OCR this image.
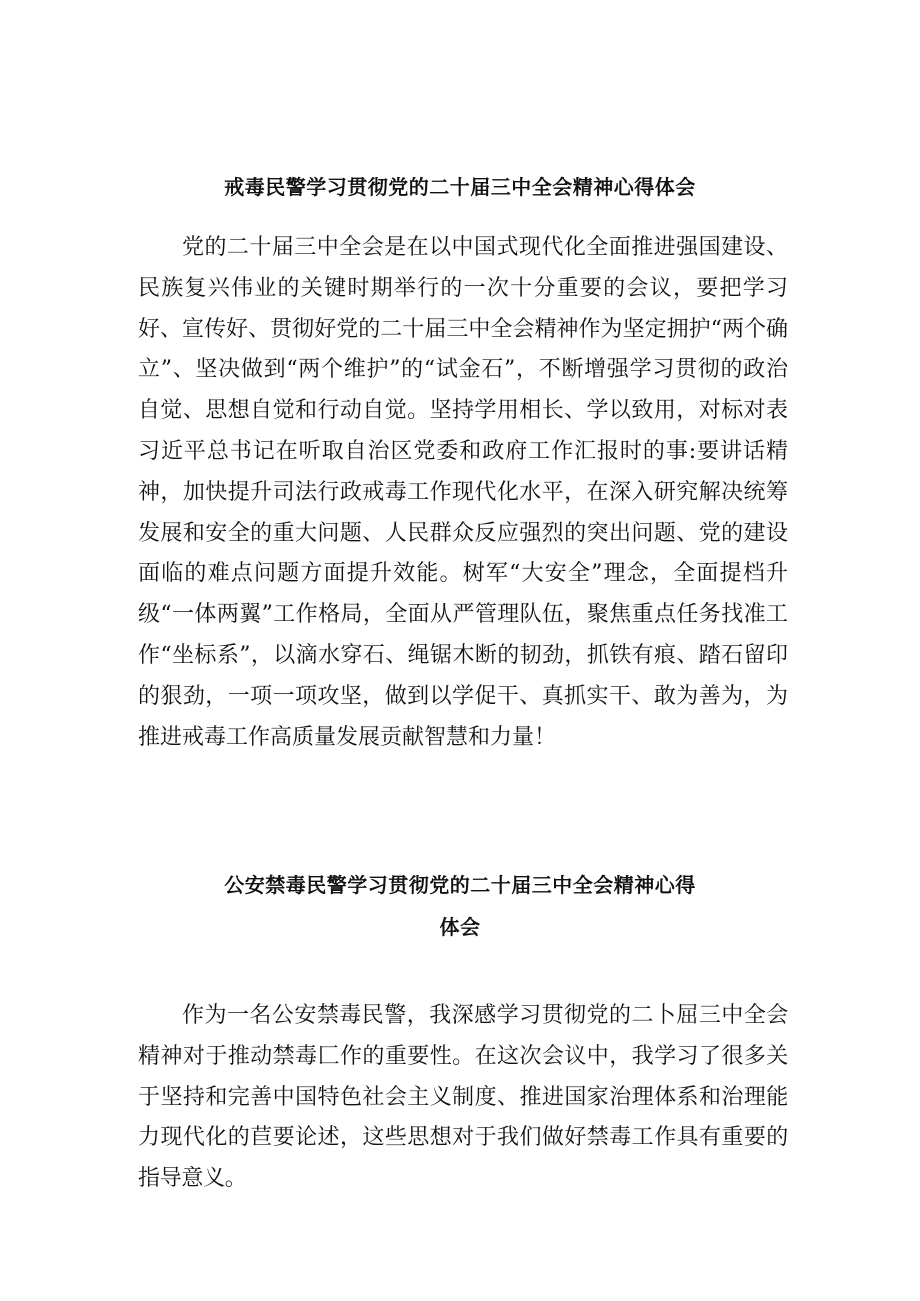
戒毒民警学习贯彻党的二十届三中全会精神心得体会

党的二十届三中全会是在以中国式现代化全面推进强国建设、民族复兴伟业的关键时期举行的一次十分重要的会议，要把学习好、宣传好、贯彻好党的二十届三中全会精神作为坚定拥护“两个确立”、坚决做到“两个维护”的“试金石”，不断增强学习贯彻的政治自觉、思想自觉和行动自觉。坚持学用相长、学以致用，对标对表习近平总书记在听取自治区党委和政府工作汇报时的事:要讲话精神，加快提升司法行政戒毒工作现代化水平，在深入研究解决统筹发展和安全的重大问题、人民群众反应强烈的突出问题、党的建设面临的难点问题方面提升效能。树军“大安全”理念，全面提档升级“一体两翼”工作格局，全面从严管理队伍，聚焦重点任务找准工作“坐标系”，以滴水穿石、绳锯木断的韧劲，抓铁有痕、踏石留印的狠劲，一项一项攻坚，做到以学促干、真抓实干、敢为善为，为推进戒毒工作高质量发展贡献智慧和力量！

公安禁毒民警学习贯彻党的二十届三中全会精神心得
体会

作为一名公安禁毒民警，我深感学习贯彻党的二卜屈三中全会精神对于推动禁毒匚作的重要性。在这次会议中，我学习了很多关于坚持和完善中国特色社会主义制度、推进国家治理体系和治理能力现代化的苣要论述，这些思想对于我们做好禁毒工作具有重要的指导意义。
